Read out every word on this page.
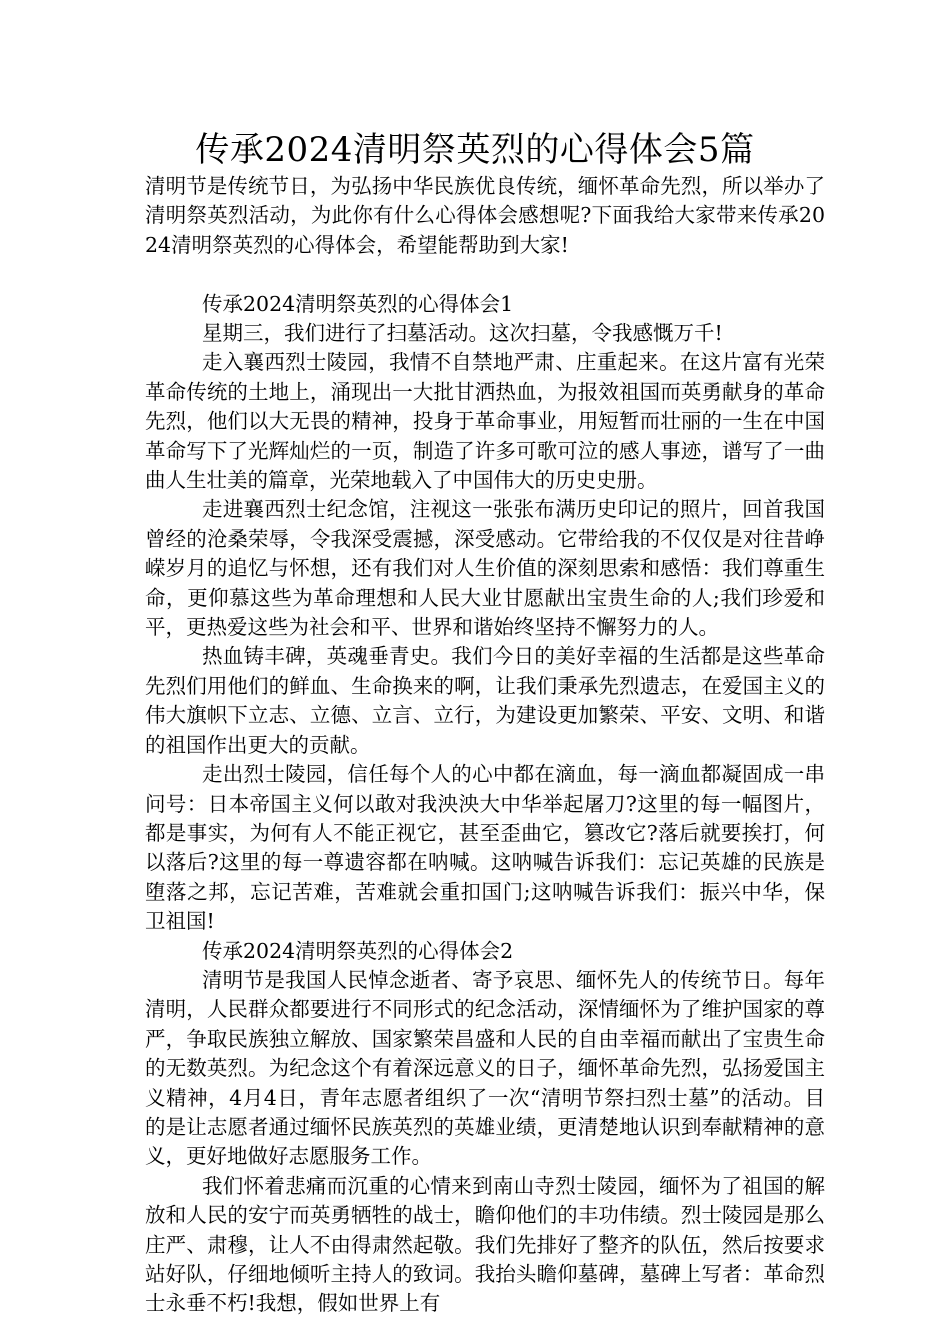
传承2024清明祭英烈的心得体会5篇

清明节是传统节日，为弘扬中华民族优良传统，缅怀革命先烈，所以举办了清明祭英烈活动，为此你有什么心得体会感想呢?下面我给大家带来传承2024清明祭英烈的心得体会，希望能帮助到大家!

传承2024清明祭英烈的心得体会1

星期三，我们进行了扫墓活动。这次扫墓，令我感慨万千!

走入襄西烈士陵园，我情不自禁地严肃、庄重起来。在这片富有光荣革命传统的土地上，涌现出一大批甘洒热血，为报效祖国而英勇献身的革命先烈，他们以大无畏的精神，投身于革命事业，用短暂而壮丽的一生在中国革命写下了光辉灿烂的一页，制造了许多可歌可泣的感人事迹，谱写了一曲曲人生壮美的篇章，光荣地载入了中国伟大的历史史册。

走进襄西烈士纪念馆，注视这一张张布满历史印记的照片，回首我国曾经的沧桑荣辱，令我深受震撼，深受感动。它带给我的不仅仅是对往昔峥嵘岁月的追忆与怀想，还有我们对人生价值的深刻思索和感悟：我们尊重生命，更仰慕这些为革命理想和人民大业甘愿献出宝贵生命的人;我们珍爱和平，更热爱这些为社会和平、世界和谐始终坚持不懈努力的人。

热血铸丰碑，英魂垂青史。我们今日的美好幸福的生活都是这些革命先烈们用他们的鲜血、生命换来的啊，让我们秉承先烈遗志，在爱国主义的伟大旗帜下立志、立德、立言、立行，为建设更加繁荣、平安、文明、和谐的祖国作出更大的贡献。

走出烈士陵园，信任每个人的心中都在滴血，每一滴血都凝固成一串问号：日本帝国主义何以敢对我泱泱大中华举起屠刀?这里的每一幅图片，都是事实，为何有人不能正视它，甚至歪曲它，篡改它?落后就要挨打，何以落后?这里的每一尊遗容都在呐喊。这呐喊告诉我们：忘记英雄的民族是堕落之邦，忘记苦难，苦难就会重扣国门;这呐喊告诉我们：振兴中华，保卫祖国!

传承2024清明祭英烈的心得体会2

清明节是我国人民悼念逝者、寄予哀思、缅怀先人的传统节日。每年清明，人民群众都要进行不同形式的纪念活动，深情缅怀为了维护国家的尊严，争取民族独立解放、国家繁荣昌盛和人民的自由幸福而献出了宝贵生命的无数英烈。为纪念这个有着深远意义的日子，缅怀革命先烈，弘扬爱国主义精神，4月4日，青年志愿者组织了一次“清明节祭扫烈士墓”的活动。目的是让志愿者通过缅怀民族英烈的英雄业绩，更清楚地认识到奉献精神的意义，更好地做好志愿服务工作。

我们怀着悲痛而沉重的心情来到南山寺烈士陵园，缅怀为了祖国的解放和人民的安宁而英勇牺牲的战士，瞻仰他们的丰功伟绩。烈士陵园是那么庄严、肃穆，让人不由得肃然起敬。我们先排好了整齐的队伍，然后按要求站好队，仔细地倾听主持人的致词。我抬头瞻仰墓碑，墓碑上写者：革命烈士永垂不朽!我想，假如世界上有
